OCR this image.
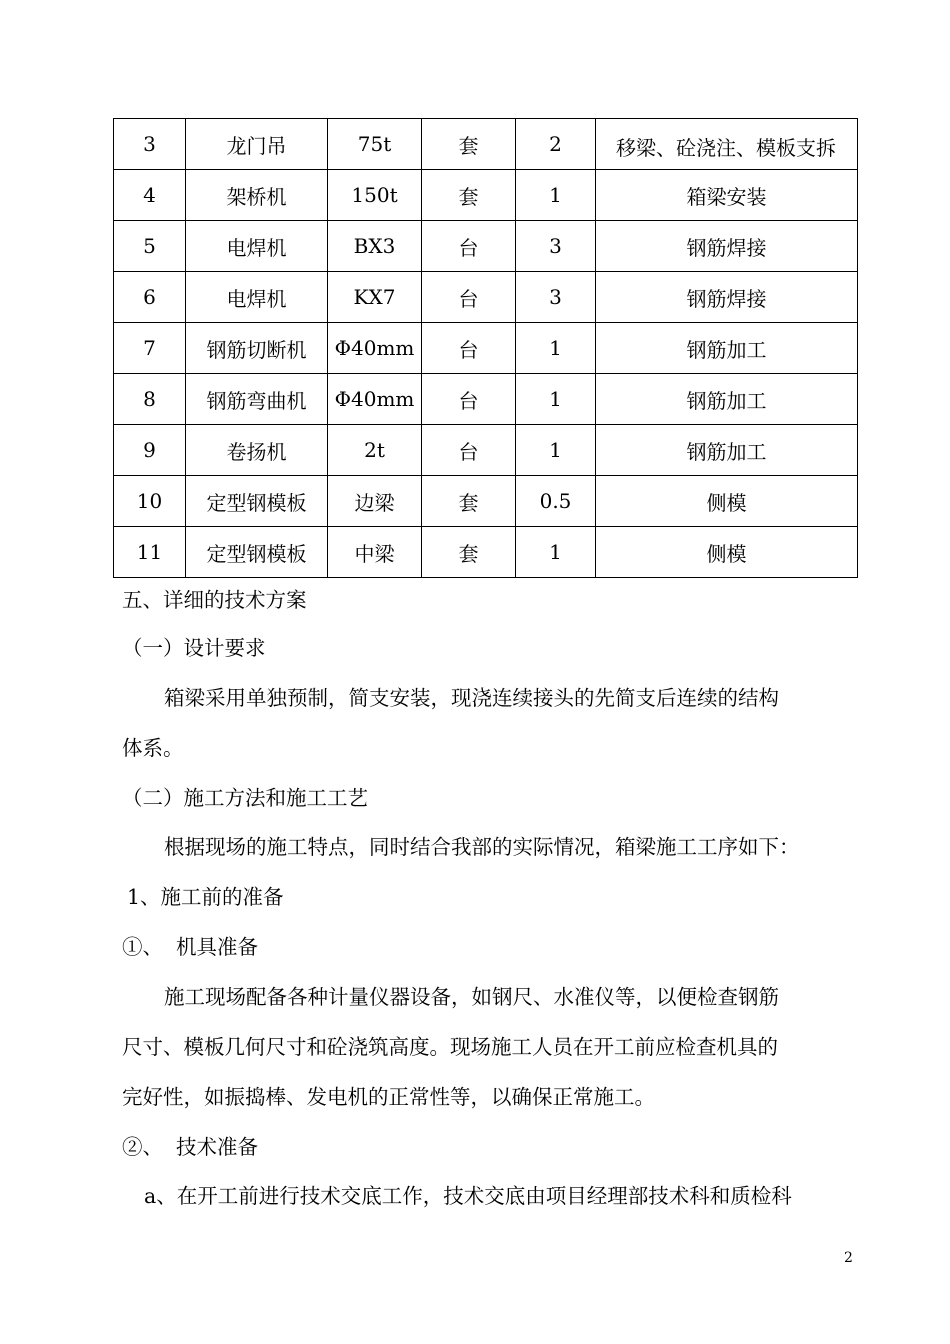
3	龙门吊	75t	套	2	移梁、砼浇注、模板支拆

4	架桥机	150t	套	1	箱梁安装
5	电焊机	BX3	台	3	钢筋焊接
6	电焊机	KX7	台	3	钢筋焊接
7	钢筋切断机	Φ40mm	台	1	钢筋加工
8	钢筋弯曲机	Φ40mm	台	1	钢筋加工
9	卷扬机	2t	台	1	钢筋加工
10	定型钢模板	边梁	套	0.5	侧模
11	定型钢模板	中梁	套	1	侧模
五、详细的技术方案
（一）设计要求
箱梁采用单独预制，简支安装，现浇连续接头的先简支后连续的结构
体系。
（二）施工方法和施工工艺
根据现场的施工特点，同时结合我部的实际情况，箱梁施工工序如下：
1、施工前的准备
①、  机具准备
施工现场配备各种计量仪器设备，如钢尺、水准仪等，以便检查钢筋
尺寸、模板几何尺寸和砼浇筑高度。现场施工人员在开工前应检查机具的
完好性，如振捣棒、发电机的正常性等，以确保正常施工。
②、  技术准备
a、在开工前进行技术交底工作，技术交底由项目经理部技术科和质检科
2
